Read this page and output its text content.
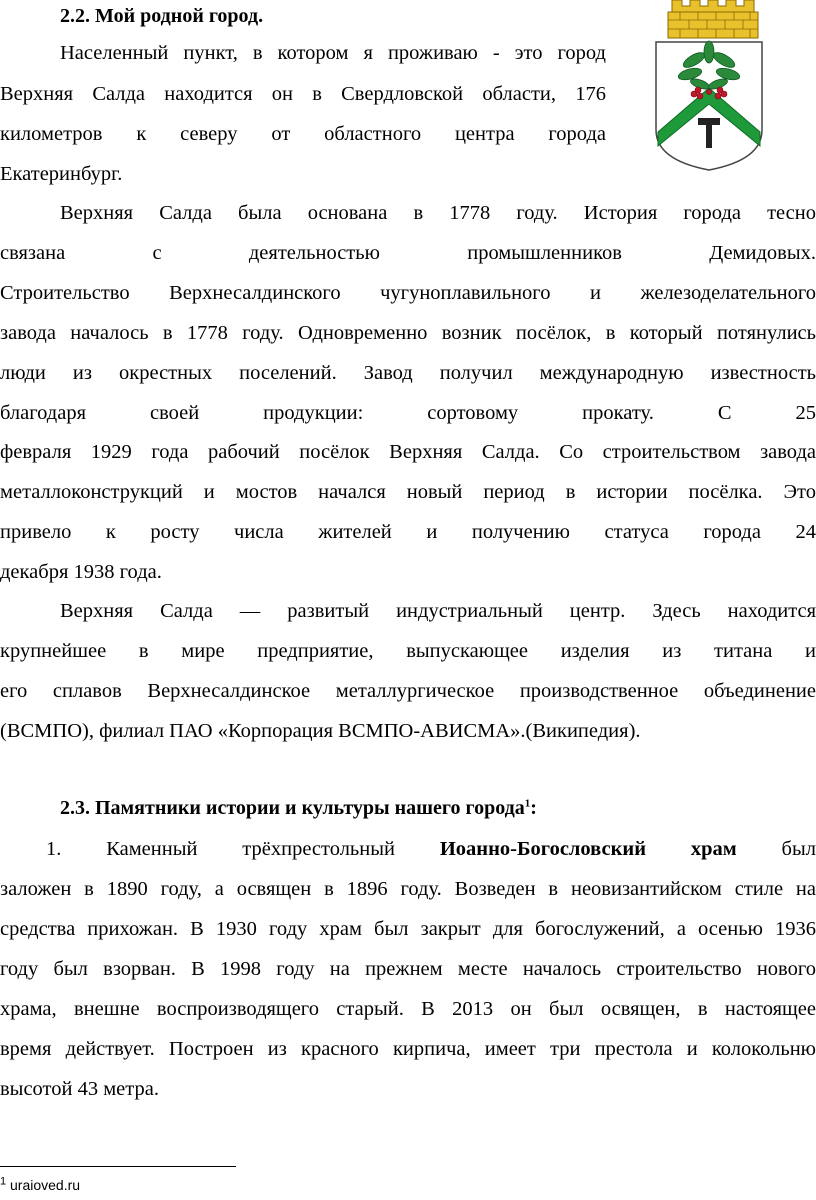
2.2. Мой родной город.
Населенный пункт, в котором я проживаю - это город
Верхняя Салда находится он в Свердловской области, 176
километров к северу от областного центра города
Екатеринбург.
Верхняя Салда была основана в 1778 году. История города тесно
связана с деятельностью промышленников Демидовых.
Строительство Верхнесалдинского чугуноплавильного и железоделательного
завода началось в 1778 году. Одновременно возник посёлок, в который потянулись
люди из окрестных поселений. Завод получил международную известность
благодаря своей продукции: сортовому прокату. С 25
февраля 1929 года рабочий посёлок Верхняя Салда. Со строительством завода
металлоконструкций и мостов начался новый период в истории посёлка. Это
привело к росту числа жителей и получению статуса города 24
декабря 1938 года.
Верхняя Салда — развитый индустриальный центр. Здесь находится
крупнейшее в мире предприятие, выпускающее изделия из титана и
его сплавов Верхнесалдинское металлургическое производственное объединение
(ВСМПО), филиал ПАО «Корпорация ВСМПО-АВИСМА».(Википедия).
2.3. Памятники истории и культуры нашего города$^1$:
1. Каменный трёхпрестольный Иоанно-Богословский храм был
заложен в 1890 году, а освящен в 1896 году. Возведен в неовизантийском стиле на
средства прихожан. В 1930 году храм был закрыт для богослужений, а осенью 1936
году был взорван. В 1998 году на прежнем месте началось строительство нового
храма, внешне воспроизводящего старый. В 2013 он был освящен, в настоящее
время действует. Построен из красного кирпича, имеет три престола и колокольню
высотой 43 метра.
$^1$ uraioved.ru
